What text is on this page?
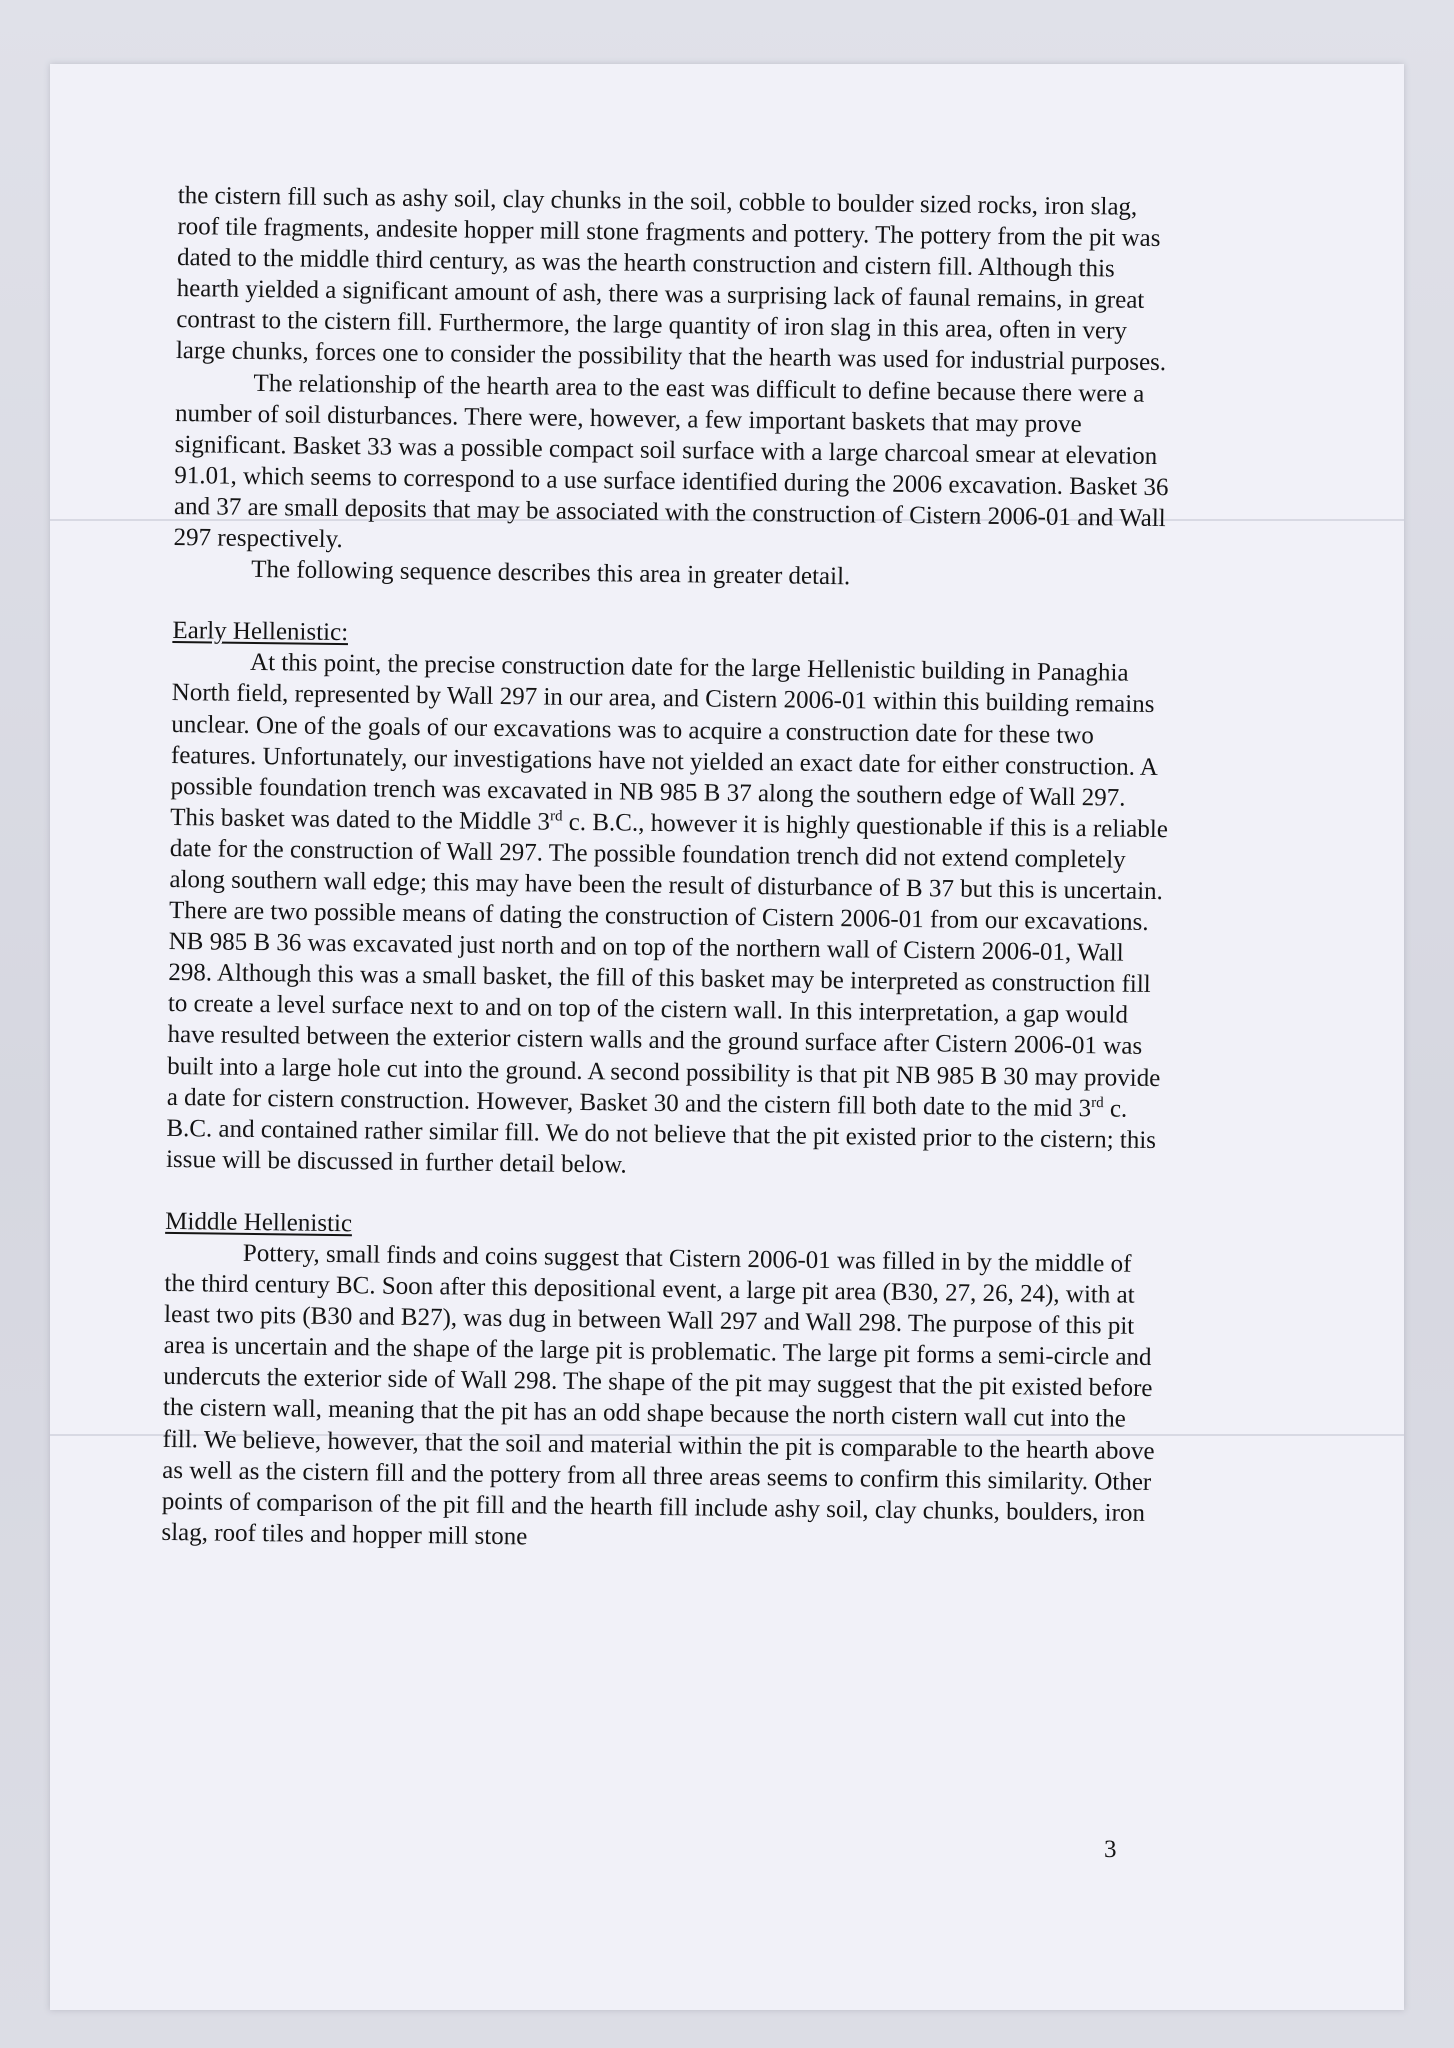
the cistern fill such as ashy soil, clay chunks in the soil, cobble to boulder sized rocks, iron slag, roof tile fragments, andesite hopper mill stone fragments and pottery. The pottery from the pit was dated to the middle third century, as was the hearth construction and cistern fill. Although this hearth yielded a significant amount of ash, there was a surprising lack of faunal remains, in great contrast to the cistern fill. Furthermore, the large quantity of iron slag in this area, often in very large chunks, forces one to consider the possibility that the hearth was used for industrial purposes.

The relationship of the hearth area to the east was difficult to define because there were a number of soil disturbances. There were, however, a few important baskets that may prove significant. Basket 33 was a possible compact soil surface with a large charcoal smear at elevation 91.01, which seems to correspond to a use surface identified during the 2006 excavation. Basket 36 and 37 are small deposits that may be associated with the construction of Cistern 2006-01 and Wall 297 respectively.

The following sequence describes this area in greater detail.

Early Hellenistic:

At this point, the precise construction date for the large Hellenistic building in Panaghia North field, represented by Wall 297 in our area, and Cistern 2006-01 within this building remains unclear. One of the goals of our excavations was to acquire a construction date for these two features. Unfortunately, our investigations have not yielded an exact date for either construction. A possible foundation trench was excavated in NB 985 B 37 along the southern edge of Wall 297. This basket was dated to the Middle 3rd c. B.C., however it is highly questionable if this is a reliable date for the construction of Wall 297. The possible foundation trench did not extend completely along southern wall edge; this may have been the result of disturbance of B 37 but this is uncertain. There are two possible means of dating the construction of Cistern 2006-01 from our excavations. NB 985 B 36 was excavated just north and on top of the northern wall of Cistern 2006-01, Wall 298. Although this was a small basket, the fill of this basket may be interpreted as construction fill to create a level surface next to and on top of the cistern wall. In this interpretation, a gap would have resulted between the exterior cistern walls and the ground surface after Cistern 2006-01 was built into a large hole cut into the ground. A second possibility is that pit NB 985 B 30 may provide a date for cistern construction. However, Basket 30 and the cistern fill both date to the mid 3rd c. B.C. and contained rather similar fill. We do not believe that the pit existed prior to the cistern; this issue will be discussed in further detail below.

Middle Hellenistic

Pottery, small finds and coins suggest that Cistern 2006-01 was filled in by the middle of the third century BC. Soon after this depositional event, a large pit area (B30, 27, 26, 24), with at least two pits (B30 and B27), was dug in between Wall 297 and Wall 298. The purpose of this pit area is uncertain and the shape of the large pit is problematic. The large pit forms a semi-circle and undercuts the exterior side of Wall 298. The shape of the pit may suggest that the pit existed before the cistern wall, meaning that the pit has an odd shape because the north cistern wall cut into the fill. We believe, however, that the soil and material within the pit is comparable to the hearth above as well as the cistern fill and the pottery from all three areas seems to confirm this similarity. Other points of comparison of the pit fill and the hearth fill include ashy soil, clay chunks, boulders, iron slag, roof tiles and hopper mill stone

3
